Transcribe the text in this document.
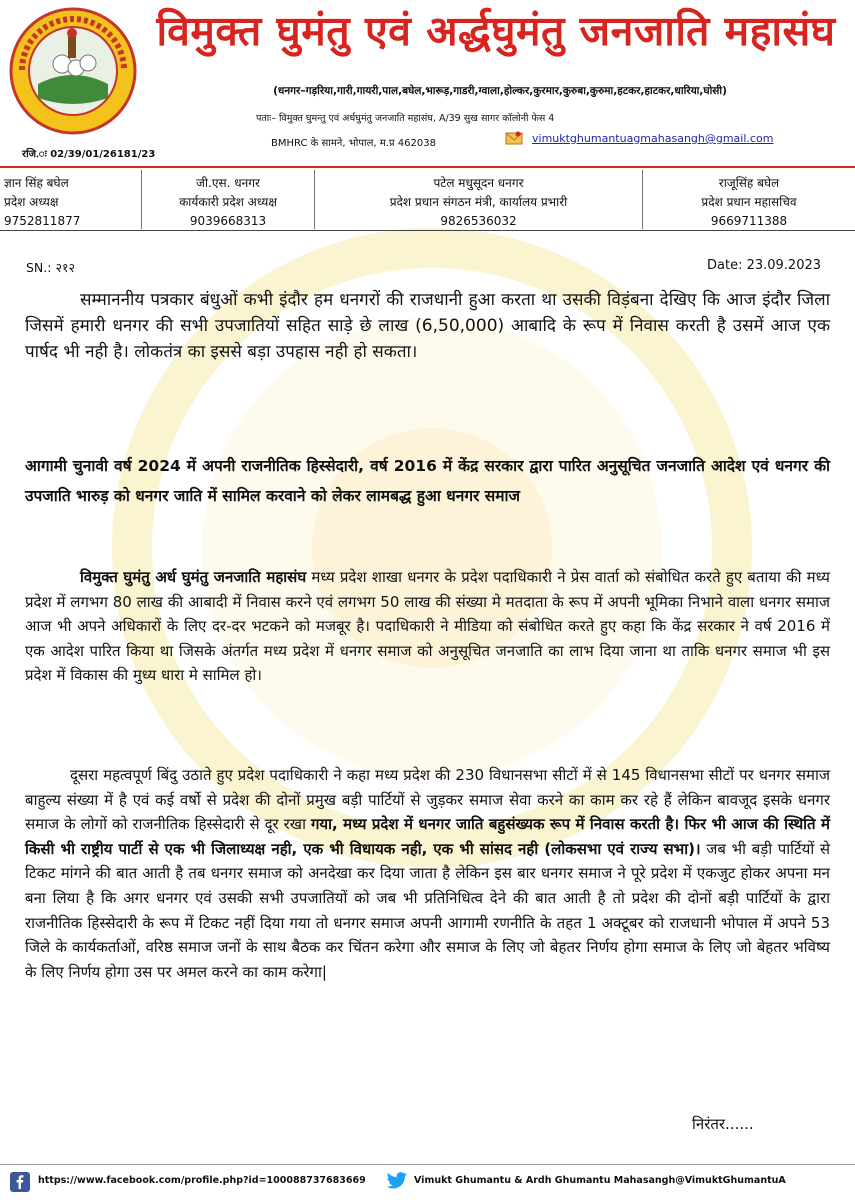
रजि.ः 02/39/01/26181/23
विमुक्त घुमंतु एवं अर्द्धघुमंतु जनजाति महासंघ
(धनगर–गड़रिया,गारी,गायरी,पाल,बघेल,भारूड़,गाडरी,ग्वाला,होल्कर,कुरमार,कुरुबा,कुरुमा,हटकर,हाटकर,धारिया,घोसी)
पताः– विमुक्त घुमन्तु एवं अर्धघुमंतु जनजाति महासंघ, A/39 सुख सागर कॉलोनी फेस 4
BMHRC के सामने, भोपाल, म.प्र 462038	vimuktghumantuagmahasangh@gmail.com
ज्ञान सिंह बघेल
प्रदेश अध्यक्ष
9752811877
जी.एस. धनगर
कार्यकारी प्रदेश अध्यक्ष
9039668313
पटेल मधुसूदन धनगर
प्रदेश प्रधान संगठन मंत्री, कार्यालय प्रभारी
9826536032
राजूसिंह बघेल
प्रदेश प्रधान महासचिव
9669711388
SN.: २१२	Date: 23.09.2023
सम्माननीय पत्रकार बंधुओं कभी इंदौर हम धनगरों की राजधानी हुआ करता था उसकी विड़ंबना देखिए कि आज इंदौर जिला जिसमें हमारी धनगर की सभी उपजातियों सहित साड़े छे लाख (6,50,000) आबादि के रूप में निवास करती है उसमें आज एक पार्षद भी नही है। लोकतंत्र का इससे बड़ा उपहास नही हो सकता।
आगामी चुनावी वर्ष 2024 में अपनी राजनीतिक हिस्सेदारी, वर्ष 2016 में केंद्र सरकार द्वारा पारित अनुसूचित जनजाति आदेश एवं धनगर की उपजाति भारुड़ को धनगर जाति में सामिल करवाने को लेकर लामबद्ध हुआ धनगर समाज
विमुक्त घुमंतु अर्ध घुमंतु जनजाति महासंघ मध्य प्रदेश शाखा धनगर के प्रदेश पदाधिकारी ने प्रेस वार्ता को संबोधित करते हुए बताया की मध्य प्रदेश में लगभग 80 लाख की आबादी में निवास करने एवं लगभग 50 लाख की संख्या मे मतदाता के रूप में अपनी भूमिका निभाने वाला धनगर समाज आज भी अपने अधिकारों के लिए दर-दर भटकने को मजबूर है। पदाधिकारी ने मीडिया को संबोधित करते हुए कहा कि केंद्र सरकार ने वर्ष 2016 में एक आदेश पारित किया था जिसके अंतर्गत मध्य प्रदेश में धनगर समाज को अनुसूचित जनजाति का लाभ दिया जाना था ताकि धनगर समाज भी इस प्रदेश में विकास की मुध्य धारा मे सामिल हो।
दूसरा महत्वपूर्ण बिंदु उठाते हुए प्रदेश पदाधिकारी ने कहा मध्य प्रदेश की 230 विधानसभा सीटों में से 145 विधानसभा सीटों पर धनगर समाज बाहुल्य संख्या में है एवं कई वर्षो से प्रदेश की दोनों प्रमुख बड़ी पार्टियों से जुड़कर समाज सेवा करने का काम कर रहे हैं लेकिन बावजूद इसके धनगर समाज के लोगों को राजनीतिक हिस्सेदारी से दूर रखा गया, मध्य प्रदेश में धनगर जाति बहुसंख्यक रूप में निवास करती है। फिर भी आज की स्थिति में किसी भी राष्ट्रीय पार्टी से एक भी जिलाध्यक्ष नही, एक भी विधायक नही, एक भी सांसद नही (लोकसभा एवं राज्य सभा)। जब भी बड़ी पार्टियों से टिकट मांगने की बात आती है तब धनगर समाज को अनदेखा कर दिया जाता है लेकिन इस बार धनगर समाज ने पूरे प्रदेश में एकजुट होकर अपना मन बना लिया है कि अगर धनगर एवं उसकी सभी उपजातियों को जब भी प्रतिनिधित्व देने की बात आती है तो प्रदेश की दोनों बड़ी पार्टियों के द्वारा राजनीतिक हिस्सेदारी के रूप में टिकट नहीं दिया गया तो धनगर समाज अपनी आगामी रणनीति के तहत 1 अक्टूबर को राजधानी भोपाल में अपने 53 जिले के कार्यकर्ताओं, वरिष्ठ समाज जनों के साथ बैठक कर चिंतन करेगा और समाज के लिए जो बेहतर निर्णय होगा समाज के लिए जो बेहतर भविष्य के लिए निर्णय होगा उस पर अमल करने का काम करेगा|
निरंतर......
https://www.facebook.com/profile.php?id=100088737683669	Vimukt Ghumantu & Ardh Ghumantu Mahasangh@VimuktGhumantuA
